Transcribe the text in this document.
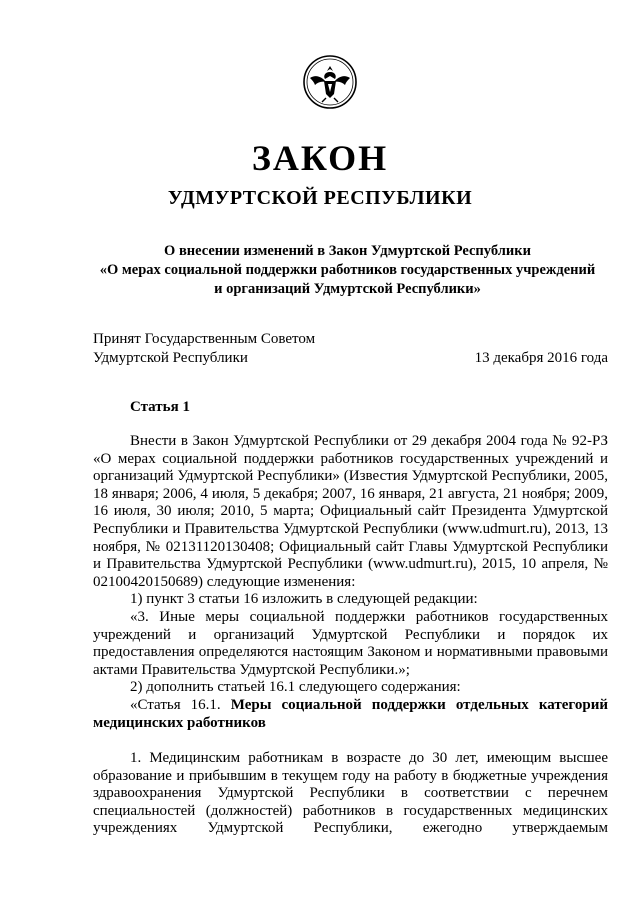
ЗАКОН
УДМУРТСКОЙ РЕСПУБЛИКИ
О внесении изменений в Закон Удмуртской Республики
«О мерах социальной поддержки работников государственных учреждений
и организаций Удмуртской Республики»
Принят Государственным Советом
Удмуртской Республики	13 декабря 2016 года
Статья 1

Внести в Закон Удмуртской Республики от 29 декабря 2004 года № 92-РЗ «О мерах социальной поддержки работников государственных учреждений и организаций Удмуртской Республики» (Известия Удмуртской Республики, 2005, 18 января; 2006, 4 июля, 5 декабря; 2007, 16 января, 21 августа, 21 ноября; 2009, 16 июля, 30 июля; 2010, 5 марта; Официальный сайт Президента Удмуртской Республики и Правительства Удмуртской Республики (www.udmurt.ru), 2013, 13 ноября, № 02131120130408; Официальный сайт Главы Удмуртской Республики и Правительства Удмуртской Республики (www.udmurt.ru), 2015, 10 апреля, № 02100420150689) следующие изменения:

1) пункт 3 статьи 16 изложить в следующей редакции:

«3. Иные меры социальной поддержки работников государственных учреждений и организаций Удмуртской Республики и порядок их предоставления определяются настоящим Законом и нормативными правовыми актами Правительства Удмуртской Республики.»;

2) дополнить статьей 16.1 следующего содержания:

«Статья 16.1. Меры социальной поддержки отдельных категорий медицинских работников

1. Медицинским работникам в возрасте до 30 лет, имеющим высшее образование и прибывшим в текущем году на работу в бюджетные учреждения здравоохранения Удмуртской Республики в соответствии с перечнем специальностей (должностей) работников в государственных медицинских учреждениях Удмуртской Республики, ежегодно утверждаемым
